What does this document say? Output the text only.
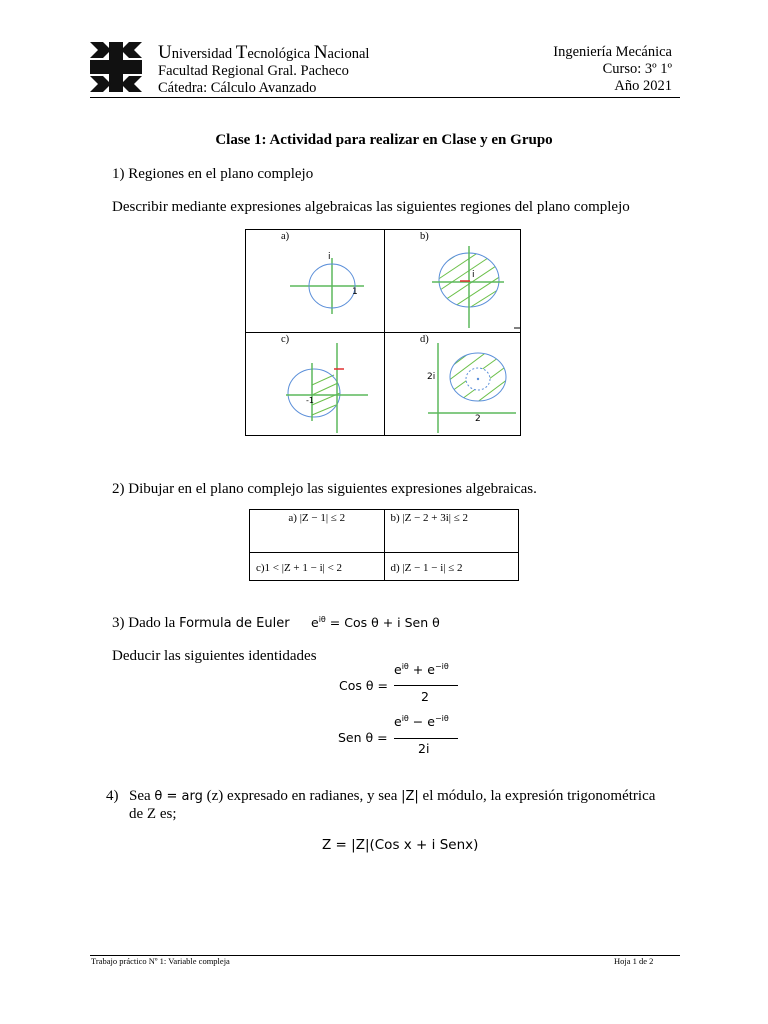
Universidad Tecnológica Nacional
Facultad Regional Gral. Pacheco
Cátedra: Cálculo Avanzado
Ingeniería Mecánica
Curso: 3º 1º
Año 2021
Clase 1: Actividad para realizar en Clase y en Grupo
1) Regiones en el plano complejo
Describir mediante expresiones algebraicas las siguientes regiones del plano complejo
a)
i
1
b)
i
c)
-1
d)
2i
2
2) Dibujar en el plano complejo las siguientes expresiones algebraicas.
a) |Z − 1| ≤ 2	b) |Z − 2 + 3i| ≤ 2
c)1 < |Z + 1 − i| < 2	d) |Z − 1 − i| ≤ 2
3) Dado la Formula de Euler $e^{i\theta}$ = Cos θ + i Sen θ
Deducir las siguientes identidades
Cos θ =
$e^{i\theta} + e^{-i\theta}$
2
Sen θ =
$e^{i\theta} - e^{-i\theta}$
2i
4) Sea θ = arg (z) expresado en radianes, y sea |Z| el módulo, la expresión trigonométrica
de Z es;
Z = |Z|(Cos x + i Senx)
Trabajo práctico Nº 1: Variable compleja	Hoja 1 de 2
